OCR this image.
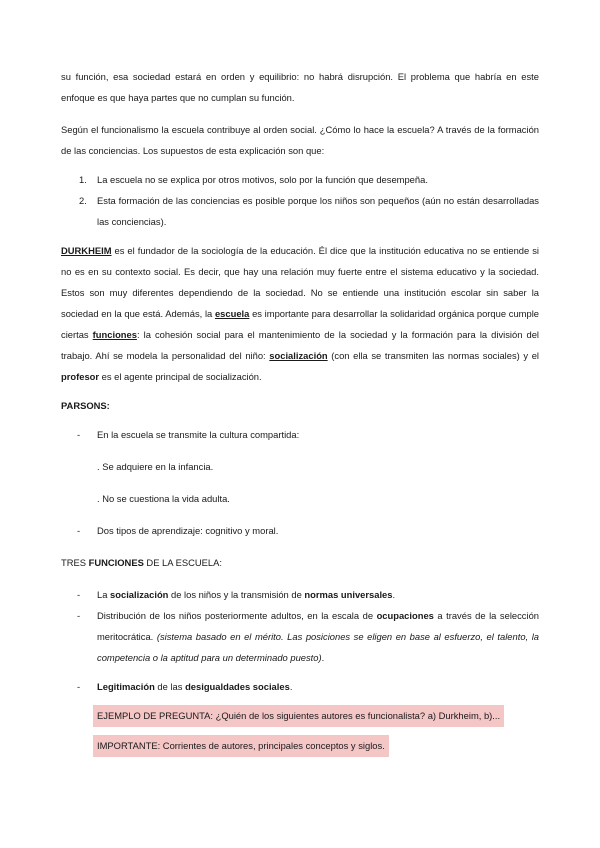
su función, esa sociedad estará en orden y equilibrio: no habrá disrupción. El problema que habría en este enfoque es que haya partes que no cumplan su función.

Según el funcionalismo la escuela contribuye al orden social. ¿Cómo lo hace la escuela? A través de la formación de las conciencias. Los supuestos de esta explicación son que:

1. La escuela no se explica por otros motivos, solo por la función que desempeña.
2. Esta formación de las conciencias es posible porque los niños son pequeños (aún no están desarrolladas las conciencias).

DURKHEIM es el fundador de la sociología de la educación. Él dice que la institución educativa no se entiende si no es en su contexto social. Es decir, que hay una relación muy fuerte entre el sistema educativo y la sociedad. Estos son muy diferentes dependiendo de la sociedad. No se entiende una institución escolar sin saber la sociedad en la que está. Además, la escuela es importante para desarrollar la solidaridad orgánica porque cumple ciertas funciones: la cohesión social para el mantenimiento de la sociedad y la formación para la división del trabajo. Ahí se modela la personalidad del niño: socialización (con ella se transmiten las normas sociales) y el profesor es el agente principal de socialización.

PARSONS:

- En la escuela se transmite la cultura compartida:

. Se adquiere en la infancia.

. No se cuestiona la vida adulta.

- Dos tipos de aprendizaje: cognitivo y moral.

TRES FUNCIONES DE LA ESCUELA:

- La socialización de los niños y la transmisión de normas universales.
- Distribución de los niños posteriormente adultos, en la escala de ocupaciones a través de la selección meritocrática. (sistema basado en el mérito. Las posiciones se eligen en base al esfuerzo, el talento, la competencia o la aptitud para un determinado puesto).
- Legitimación de las desigualdades sociales.

EJEMPLO DE PREGUNTA: ¿Quién de los siguientes autores es funcionalista? a) Durkheim, b)...

IMPORTANTE: Corrientes de autores, principales conceptos y siglos.
